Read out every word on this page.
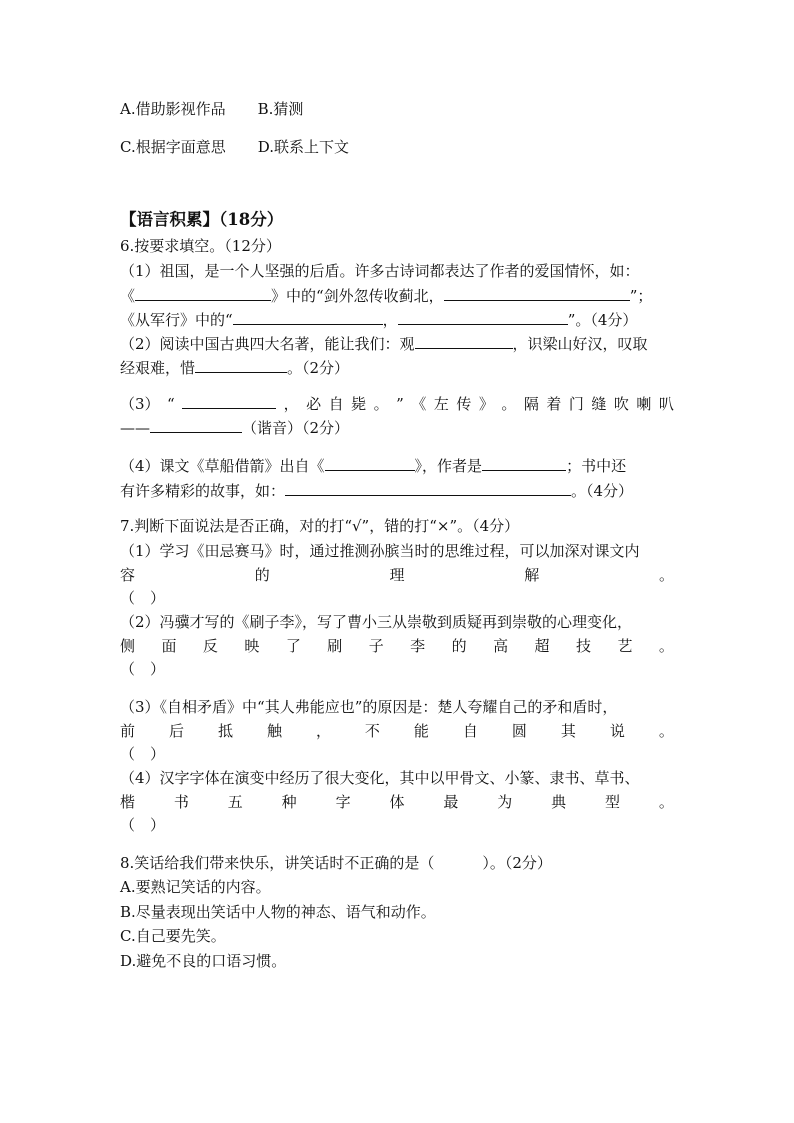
A.借助影视作品 B.猜测
C.根据字面意思 D.联系上下文
【语言积累】（18分）
6.按要求填空。（12分）
（1）祖国，是一个人坚强的后盾。许多古诗词都表达了作者的爱国情怀，如：
《	》中的“剑外忽传收蓟北，	”；
《从军行》中的“	，	”。（4分）
（2）阅读中国古典四大名著，能让我们：观	，识梁山好汉，叹取
经艰难，惜	。（2分）
（3） “	， 必 自 毙 。 ” 《 左 传 》 。 隔 着 门 缝 吹 喇 叭
——	（谐音）（2分）
（4）课文《草船借箭》出自《	》，作者是	；书中还
有许多精彩的故事，如：	。（4分）
7.判断下面说法是否正确，对的打“√”，错的打“×”。（4分）
（1）学习《田忌赛马》时，通过推测孙膑当时的思维过程，可以加深对课文内
容	的	理	解	。
（　）
（2）冯骥才写的《刷子李》，写了曹小三从崇敬到质疑再到崇敬的心理变化，
侧 面 反 映 了 刷 子 李 的 高 超 技 艺 。
（　）
（3）《自相矛盾》中“其人弗能应也”的原因是：楚人夸耀自己的矛和盾时，
前 后 抵 触 ， 不 能 自 圆 其 说 。
（　）
（4）汉字字体在演变中经历了很大变化，其中以甲骨文、小篆、隶书、草书、
楷	书	五	种	字	体	最	为	典	型	。
（　）
8.笑话给我们带来快乐，讲笑话时不正确的是（	）。（2分）
A.要熟记笑话的内容。
B.尽量表现出笑话中人物的神态、语气和动作。
C.自己要先笑。
D.避免不良的口语习惯。
